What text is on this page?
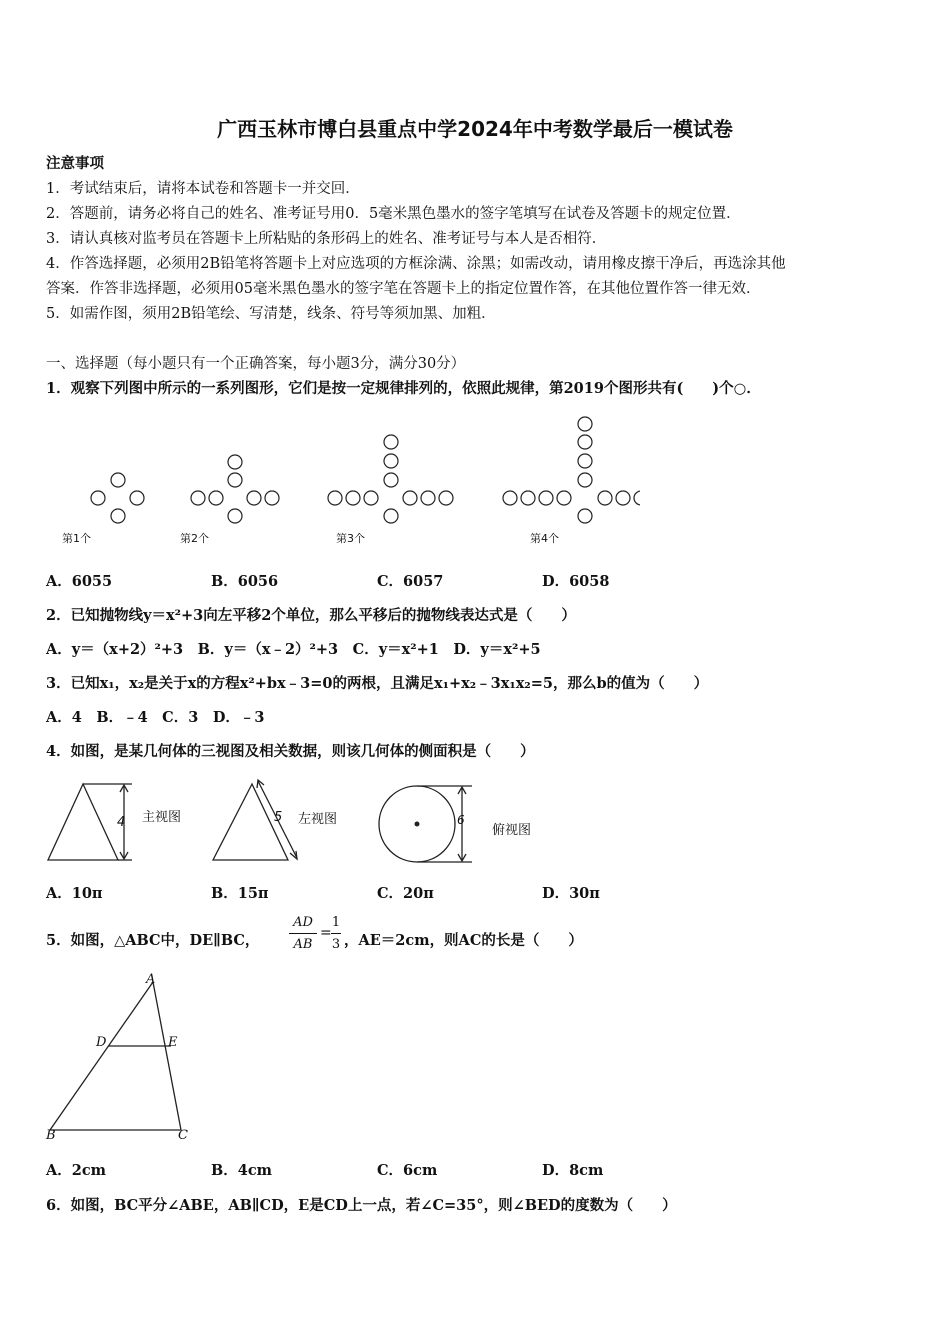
广西玉林市博白县重点中学2024年中考数学最后一模试卷
注意事项
1．考试结束后，请将本试卷和答题卡一并交回．
2．答题前，请务必将自己的姓名、准考证号用0．5毫米黑色墨水的签字笔填写在试卷及答题卡的规定位置．
3．请认真核对监考员在答题卡上所粘贴的条形码上的姓名、准考证号与本人是否相符．
4．作答选择题，必须用2B铅笔将答题卡上对应选项的方框涂满、涂黑；如需改动，请用橡皮擦干净后，再选涂其他
答案．作答非选择题，必须用05毫米黑色墨水的签字笔在答题卡上的指定位置作答，在其他位置作答一律无效．
5．如需作图，须用2B铅笔绘、写清楚，线条、符号等须加黑、加粗．
一、选择题（每小题只有一个正确答案，每小题3分，满分30分）
1．观察下列图中所示的一系列图形，它们是按一定规律排列的，依照此规律，第2019个图形共有(　　)个○．
第1个	第2个	第3个	第4个
A．6055	B．6056	C．6057	D．6058
2．已知抛物线y＝x²+3向左平移2个单位，那么平移后的抛物线表达式是（　　）
A．y＝（x+2）²+3　B．y＝（x﹣2）²+3　C．y＝x²+1　D．y＝x²+5
3．已知x₁，x₂是关于x的方程x²+bx﹣3=0的两根，且满足x₁+x₂﹣3x₁x₂=5，那么b的值为（　　）
A．4　B．﹣4　C．3　D．﹣3
4．如图，是某几何体的三视图及相关数据，则该几何体的侧面积是（　　）
4 主视图	5 左视图	6
俯视图
A．10π	B．15π	C．20π	D．30π
5．如图，△ABC中，DE∥BC，
AD
AB
=
1
3 ，AE＝2cm，则AC的长是（　　）
A
D	E
B	C
A．2cm	B．4cm	C．6cm	D．8cm
6．如图，BC平分∠ABE，AB∥CD，E是CD上一点，若∠C=35°，则∠BED的度数为（　　）
